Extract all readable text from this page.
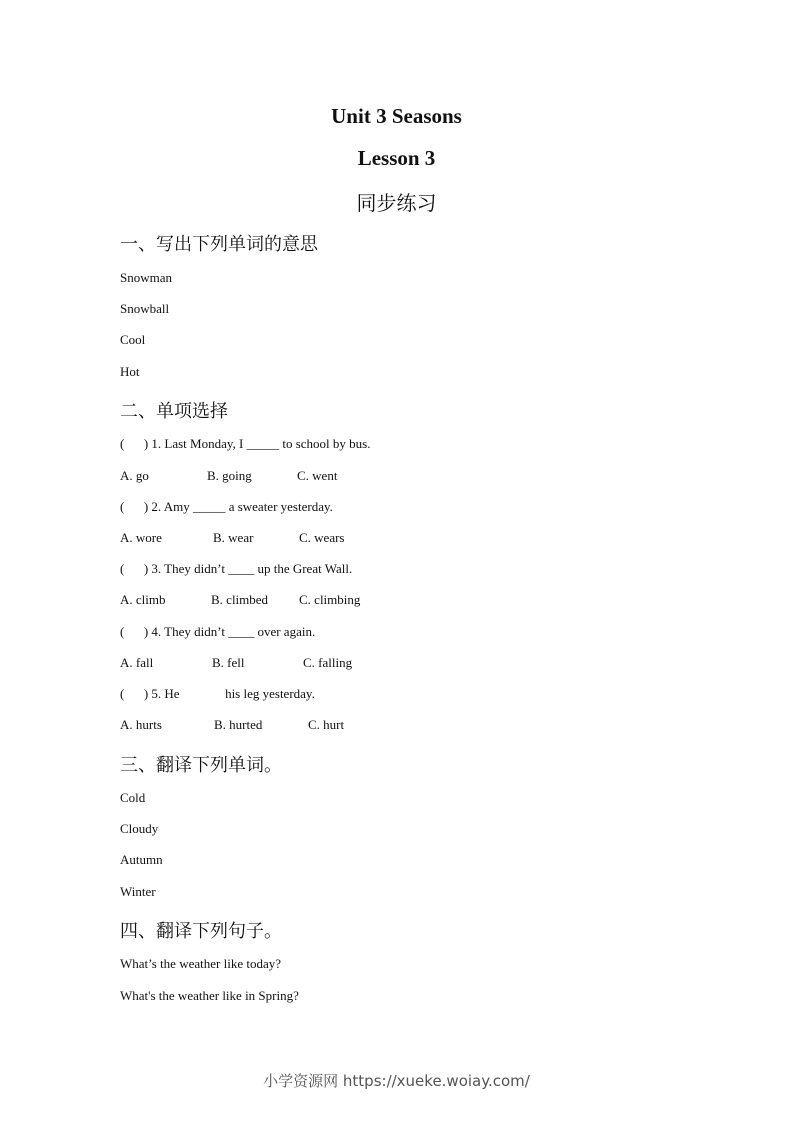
Unit 3 Seasons
Lesson 3
同步练习
一、写出下列单词的意思
Snowman
Snowball
Cool
Hot
二、单项选择
(      ) 1. Last Monday, I _____ to school by bus.
A. go	B. going	C. went
(      ) 2. Amy _____ a sweater yesterday.
A. wore	B. wear	C. wears
(      ) 3. They didn’t ____ up the Great Wall.
A. climb	B. climbed C. climbing
(      ) 4. They didn’t ____ over again.
A. fall	B. fell	C. falling
(      ) 5. He              his leg yesterday.
A. hurts	B. hurted	C. hurt
三、翻译下列单词。
Cold
Cloudy
Autumn
Winter
四、翻译下列句子。
What’s the weather like today?
What's the weather like in Spring?
小学资源网 https://xueke.woiay.com/
